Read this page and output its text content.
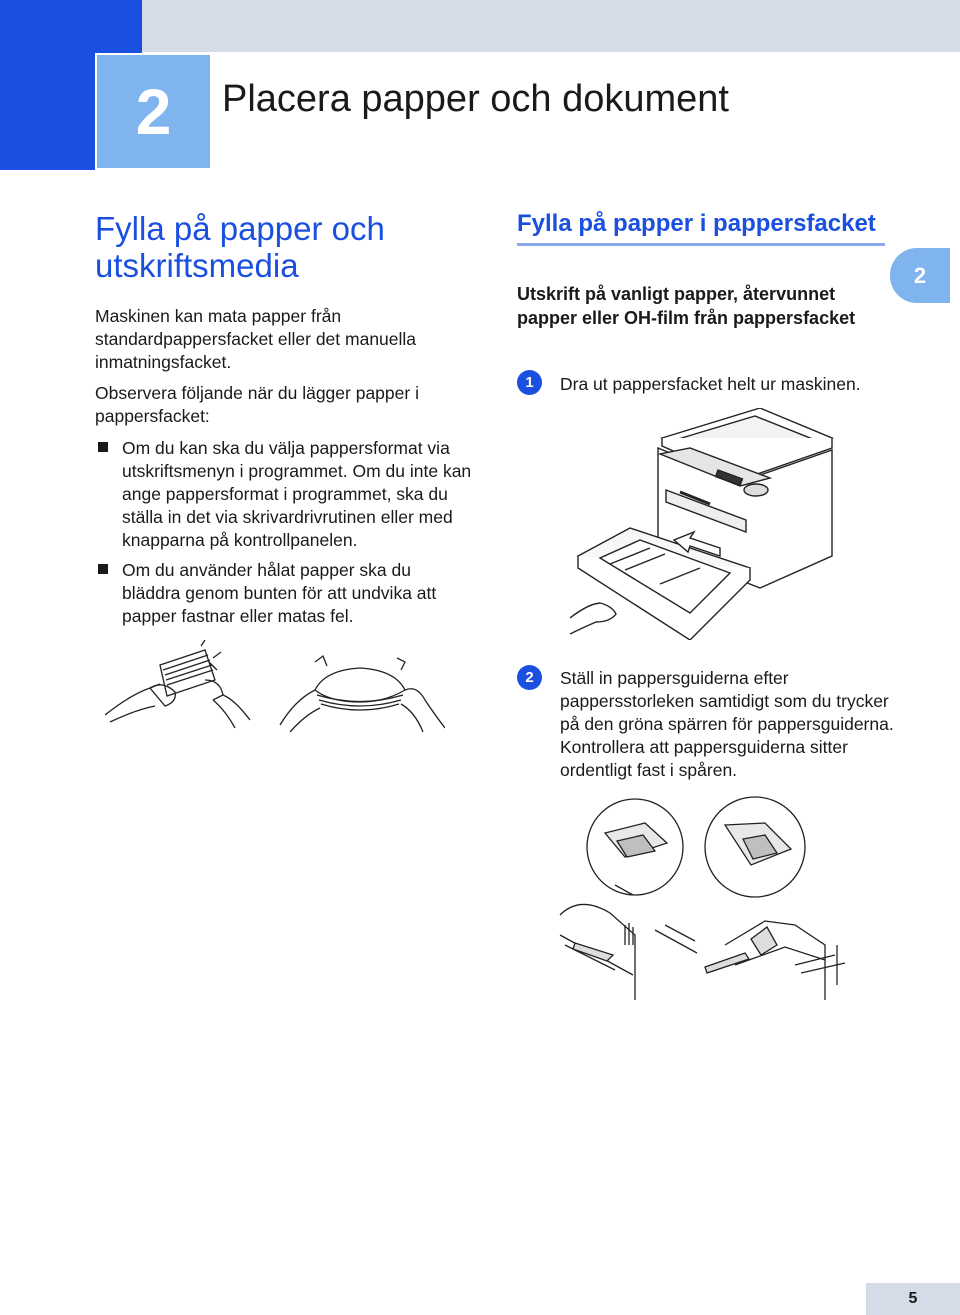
2 Placera papper och dokument
2
Fylla på papper och utskriftsmedia

Maskinen kan mata papper från standardpappersfacket eller det manuella inmatningsfacket.

Observera följande när du lägger papper i pappersfacket:

Om du kan ska du välja pappersformat via utskriftsmenyn i programmet. Om du inte kan ange pappersformat i programmet, ska du ställa in det via skrivardrivrutinen eller med knapparna på kontrollpanelen.

Om du använder hålat papper ska du bläddra genom bunten för att undvika att papper fastnar eller matas fel.

Fylla på papper i pappersfacket
Utskrift på vanligt papper, återvunnet papper eller OH-film från pappersfacket
1	Dra ut pappersfacket helt ur maskinen.

2	Ställ in pappersguiderna efter pappersstorleken samtidigt som du trycker på den gröna spärren för pappersguiderna. Kontrollera att pappersguiderna sitter ordentligt fast i spåren.

5
